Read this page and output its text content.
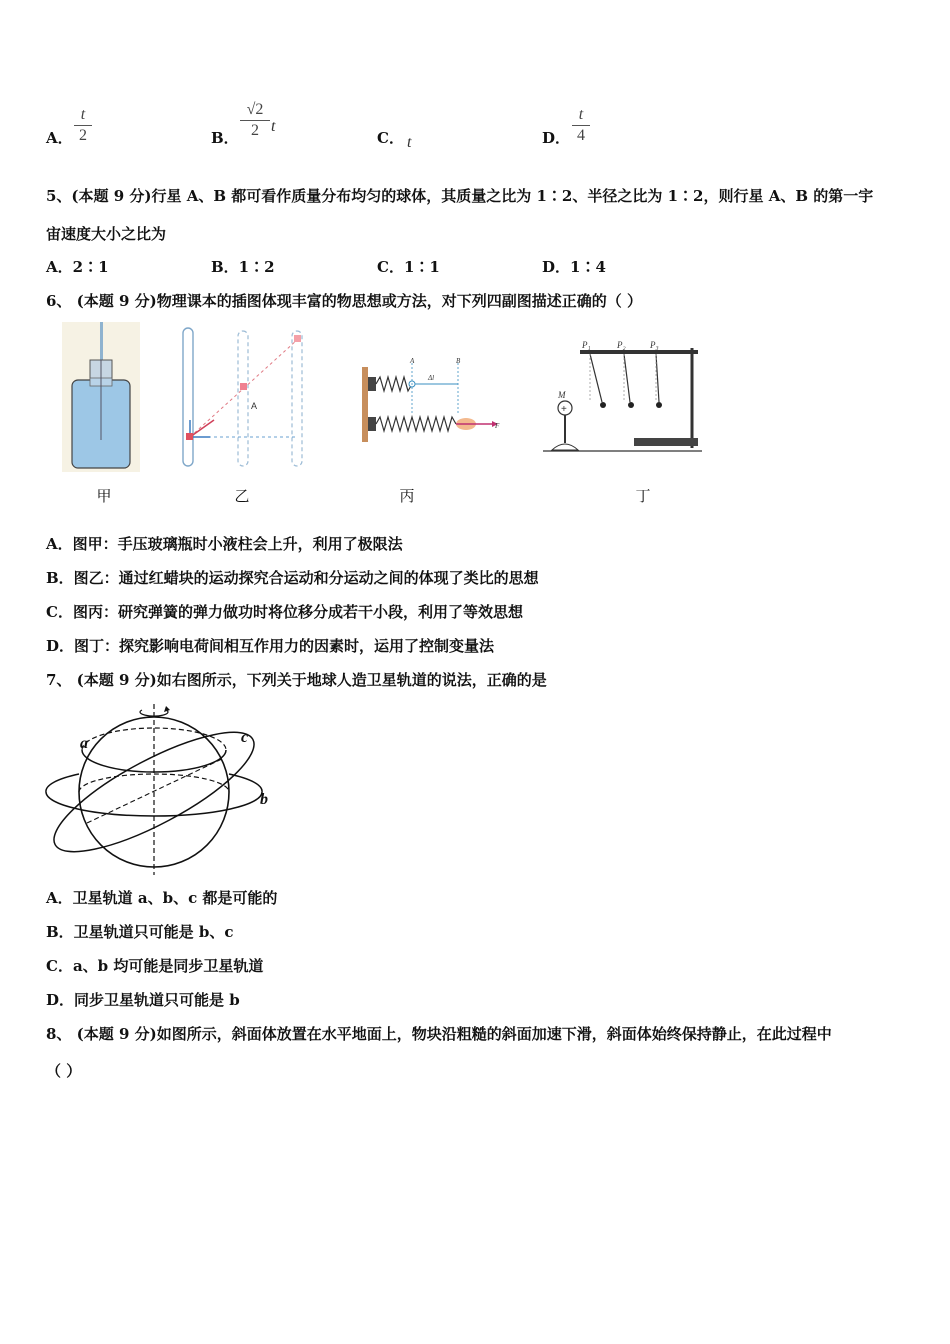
A．
t
2	B．
√2
2 t
C． t	D．
t
4
5、(本题 9 分)行星 A、B 都可看作质量分布均匀的球体，其质量之比为 1∶2、半径之比为 1∶2，则行星 A、B 的第一宇
宙速度大小之比为
A．2∶1	B．1∶2	C．1∶1	D．1∶4
6、 (本题 9 分)物理课本的插图体现丰富的物思想或方法，对下列四副图描述正确的（ ）
甲
A
乙
A	B
Δl
F
丙
+
M
P₁	P₂	P₃
丁
A．图甲：手压玻璃瓶时小液柱会上升，利用了极限法
B．图乙：通过红蜡块的运动探究合运动和分运动之间的体现了类比的思想
C．图丙：研究弹簧的弹力做功时将位移分成若干小段，利用了等效思想
D．图丁：探究影响电荷间相互作用力的因素时，运用了控制变量法
7、 (本题 9 分)如右图所示，下列关于地球人造卫星轨道的说法，正确的是
a
b
c
A．卫星轨道 a、b、c 都是可能的
B．卫星轨道只可能是 b、c
C．a、b 均可能是同步卫星轨道
D．同步卫星轨道只可能是 b
8、 (本题 9 分)如图所示，斜面体放置在水平地面上，物块沿粗糙的斜面加速下滑，斜面体始终保持静止，在此过程中
（ ）
